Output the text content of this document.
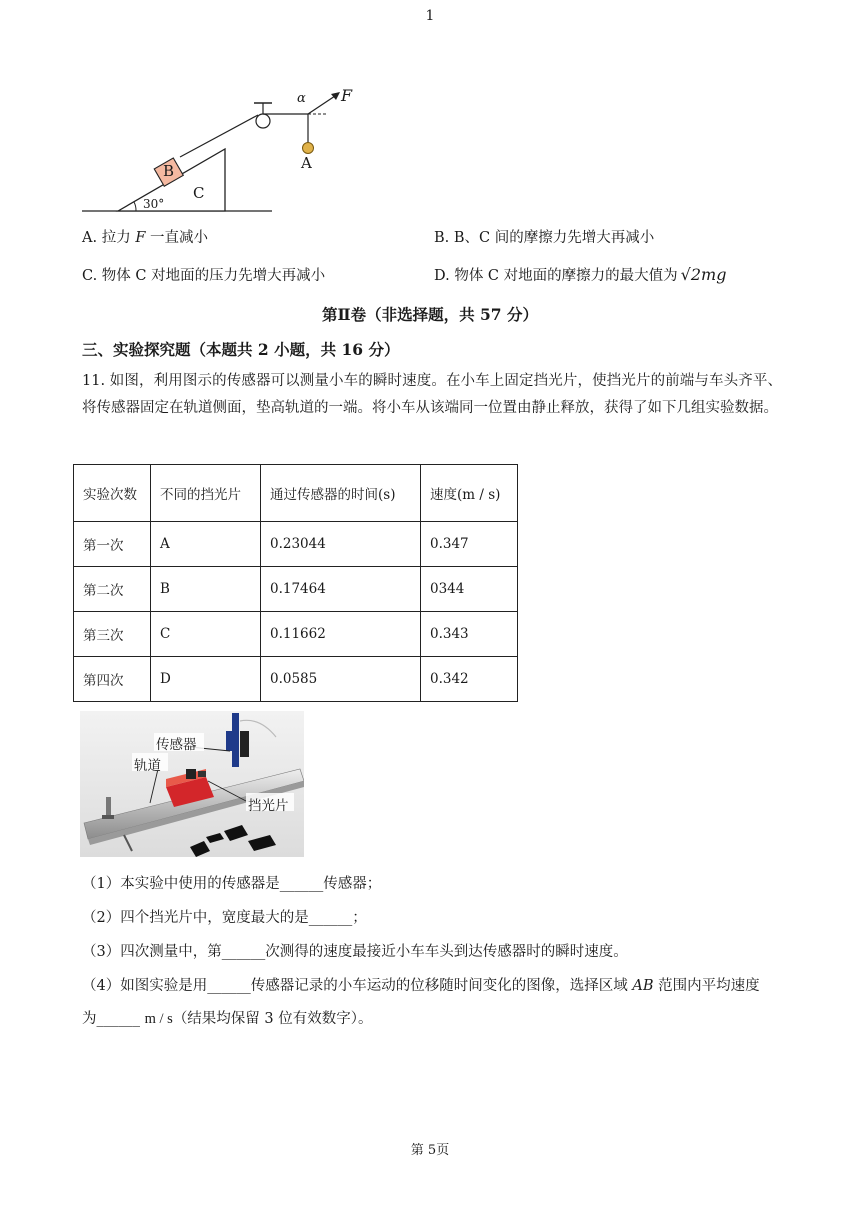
1
F
α
A
B
C
30°
A. 拉力 F 一直减小	B. B、C 间的摩擦力先增大再减小
C. 物体 C 对地面的压力先增大再减小	D. 物体 C 对地面的摩擦力的最大值为 √2mg
第Ⅱ卷（非选择题，共 57 分）
三、实验探究题（本题共 2 小题，共 16 分）
11. 如图，利用图示的传感器可以测量小车的瞬时速度。在小车上固定挡光片，使挡光片的前端与车头齐平、将传感器固定在轨道侧面，垫高轨道的一端。将小车从该端同一位置由静止释放，获得了如下几组实验数据。
实验次数	不同的挡光片	通过传感器的时间(s)	速度(m / s)
第一次	A	0.23044	0.347
第二次	B	0.17464	0344
第三次	C	0.11662	0.343
第四次	D	0.0585	0.342
传感器
轨道
挡光片
（1）本实验中使用的传感器是______传感器；
（2）四个挡光片中，宽度最大的是______；
（3）四次测量中，第______次测得的速度最接近小车车头到达传感器时的瞬时速度。
（4）如图实验是用______传感器记录的小车运动的位移随时间变化的图像，选择区域 AB 范围内平均速度
为______ m / s（结果均保留 3 位有效数字）。
第 5页
